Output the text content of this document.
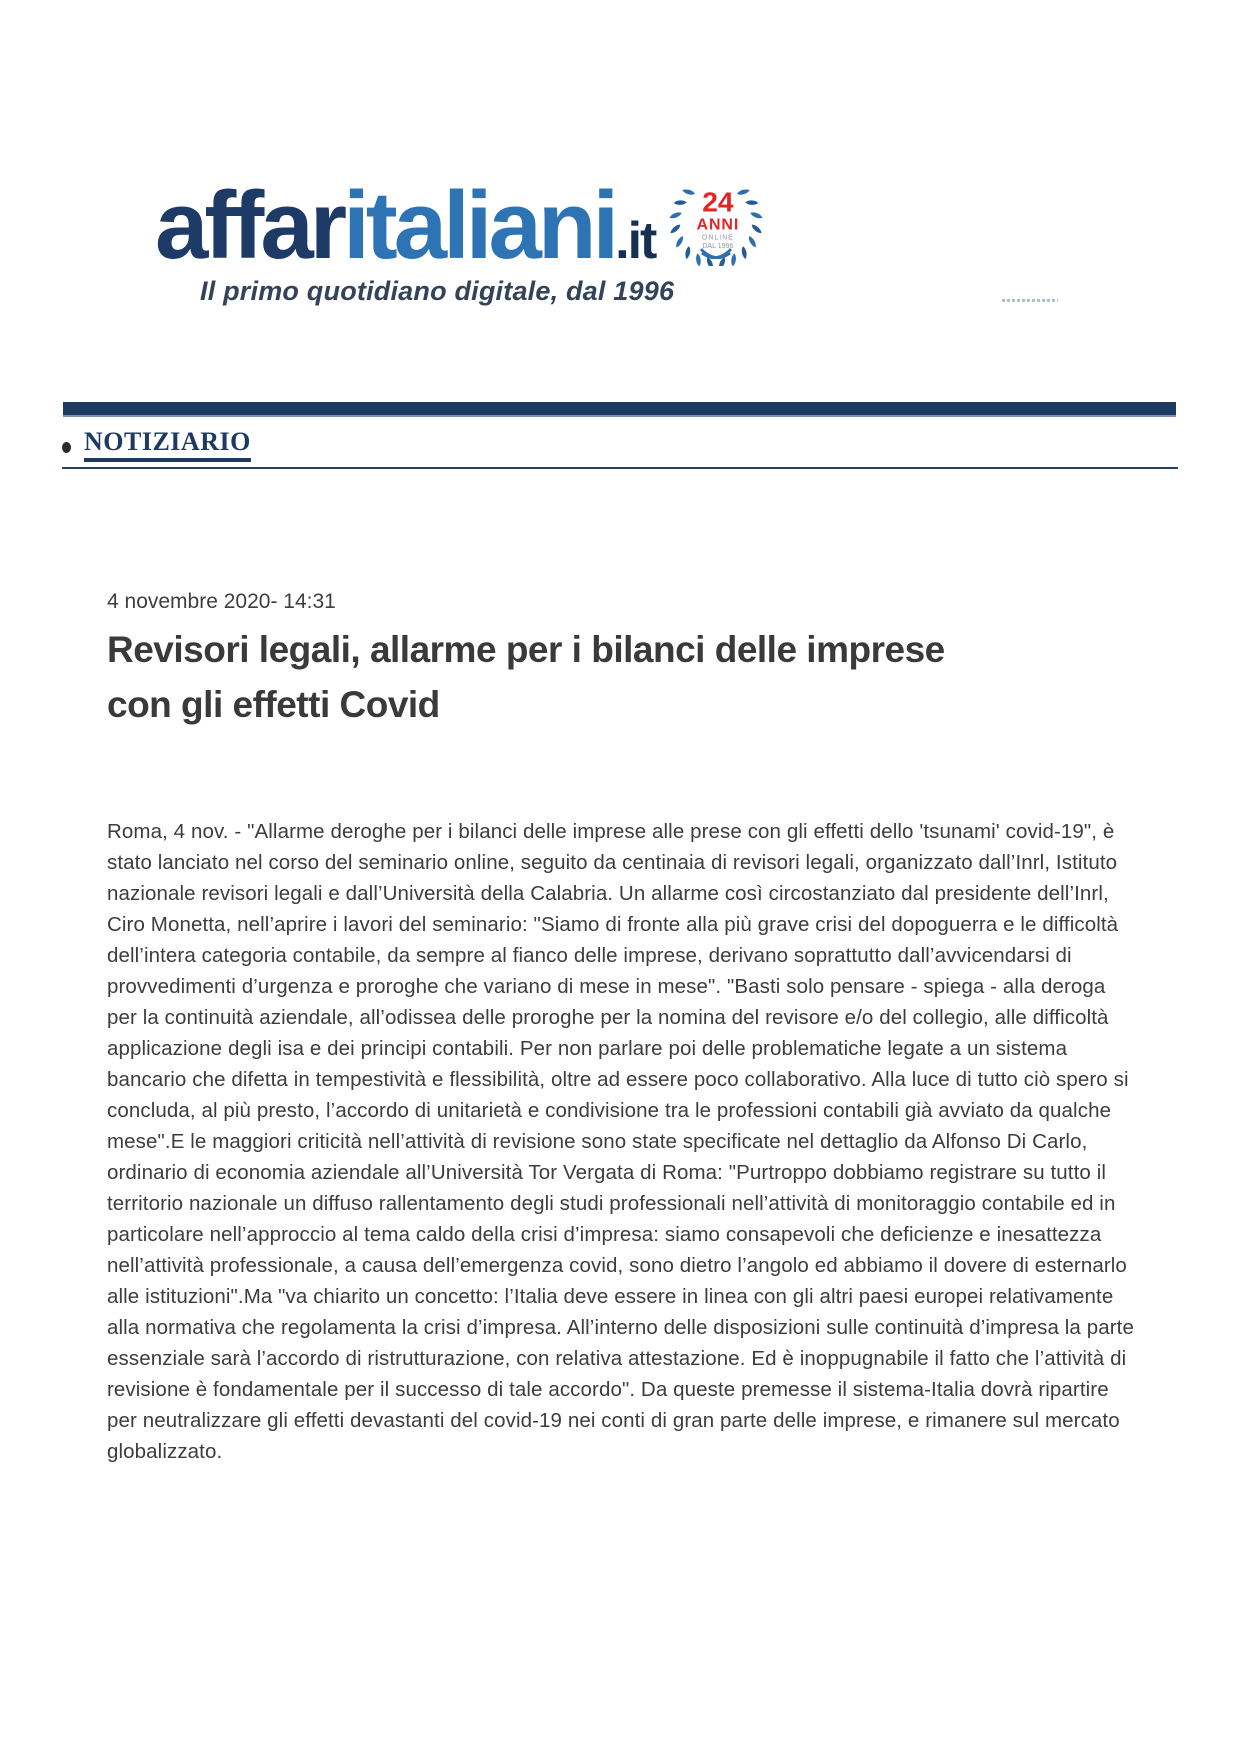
affaritaliani.it
24
ANNI
ONLINE
DAL 1996
Il primo quotidiano digitale, dal 1996
NOTIZIARIO
4 novembre 2020- 14:31
Revisori legali, allarme per i bilanci delle imprese con gli effetti Covid

Roma, 4 nov. - "Allarme deroghe per i bilanci delle imprese alle prese con gli effetti dello 'tsunami' covid-19", è stato lanciato nel corso del seminario online, seguito da centinaia di revisori legali, organizzato dall’Inrl, Istituto nazionale revisori legali e dall’Università della Calabria. Un allarme così circostanziato dal presidente dell’Inrl, Ciro Monetta, nell’aprire i lavori del seminario: "Siamo di fronte alla più grave crisi del dopoguerra e le difficoltà dell’intera categoria contabile, da sempre al fianco delle imprese, derivano soprattutto dall’avvicendarsi di provvedimenti d’urgenza e proroghe che variano di mese in mese". "Basti solo pensare - spiega - alla deroga per la continuità aziendale, all’odissea delle proroghe per la nomina del revisore e/o del collegio, alle difficoltà applicazione degli isa e dei principi contabili. Per non parlare poi delle problematiche legate a un sistema bancario che difetta in tempestività e flessibilità, oltre ad essere poco collaborativo. Alla luce di tutto ciò spero si concluda, al più presto, l’accordo di unitarietà e condivisione tra le professioni contabili già avviato da qualche mese".E le maggiori criticità nell’attività di revisione sono state specificate nel dettaglio da Alfonso Di Carlo, ordinario di economia aziendale all’Università Tor Vergata di Roma: "Purtroppo dobbiamo registrare su tutto il territorio nazionale un diffuso rallentamento degli studi professionali nell’attività di monitoraggio contabile ed in particolare nell’approccio al tema caldo della crisi d’impresa: siamo consapevoli che deficienze e inesattezza nell’attività professionale, a causa dell’emergenza covid, sono dietro l’angolo ed abbiamo il dovere di esternarlo alle istituzioni".Ma "va chiarito un concetto: l’Italia deve essere in linea con gli altri paesi europei relativamente alla normativa che regolamenta la crisi d’impresa. All’interno delle disposizioni sulle continuità d’impresa la parte essenziale sarà l’accordo di ristrutturazione, con relativa attestazione. Ed è inoppugnabile il fatto che l’attività di revisione è fondamentale per il successo di tale accordo". Da queste premesse il sistema-Italia dovrà ripartire per neutralizzare gli effetti devastanti del covid-19 nei conti di gran parte delle imprese, e rimanere sul mercato globalizzato.
